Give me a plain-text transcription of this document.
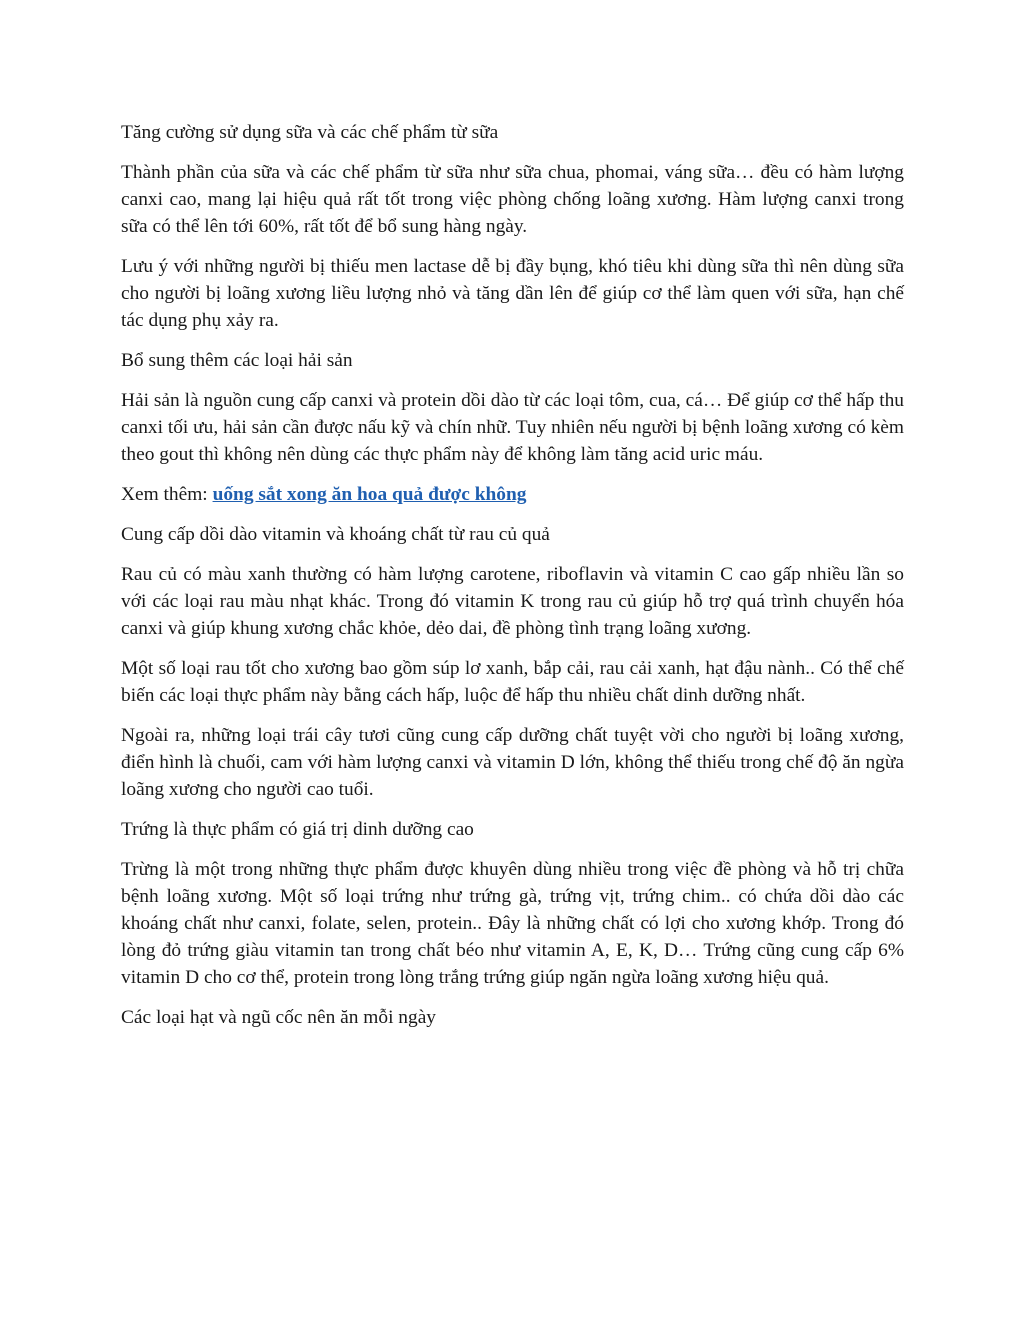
Tăng cường sử dụng sữa và các chế phẩm từ sữa

Thành phần của sữa và các chế phẩm từ sữa như sữa chua, phomai, váng sữa… đều có hàm lượng canxi cao, mang lại hiệu quả rất tốt trong việc phòng chống loãng xương. Hàm lượng canxi trong sữa có thể lên tới 60%, rất tốt để bổ sung hàng ngày.

Lưu ý với những người bị thiếu men lactase dễ bị đầy bụng, khó tiêu khi dùng sữa thì nên dùng sữa cho người bị loãng xương liều lượng nhỏ và tăng dần lên để giúp cơ thể làm quen với sữa, hạn chế tác dụng phụ xảy ra.

Bổ sung thêm các loại hải sản

Hải sản là nguồn cung cấp canxi và protein dồi dào từ các loại tôm, cua, cá… Để giúp cơ thể hấp thu canxi tối ưu, hải sản cần được nấu kỹ và chín nhữ. Tuy nhiên nếu người bị bệnh loãng xương có kèm theo gout thì không nên dùng các thực phẩm này để không làm tăng acid uric máu.

Xem thêm: uống sắt xong ăn hoa quả được không

Cung cấp dồi dào vitamin và khoáng chất từ rau củ quả

Rau củ có màu xanh thường có hàm lượng carotene, riboflavin và vitamin C cao gấp nhiều lần so với các loại rau màu nhạt khác. Trong đó vitamin K trong rau củ giúp hỗ trợ quá trình chuyển hóa canxi và giúp khung xương chắc khỏe, dẻo dai, đề phòng tình trạng loãng xương.

Một số loại rau tốt cho xương bao gồm súp lơ xanh, bắp cải, rau cải xanh, hạt đậu nành.. Có thể chế biến các loại thực phẩm này bằng cách hấp, luộc để hấp thu nhiều chất dinh dưỡng nhất.

Ngoài ra, những loại trái cây tươi cũng cung cấp dưỡng chất tuyệt vời cho người bị loãng xương, điển hình là chuối, cam với hàm lượng canxi và vitamin D lớn, không thể thiếu trong chế độ ăn ngừa loãng xương cho người cao tuổi.

Trứng là thực phẩm có giá trị dinh dưỡng cao

Trừng là một trong những thực phẩm được khuyên dùng nhiều trong việc đề phòng và hỗ trị chữa bệnh loãng xương. Một số loại trứng như trứng gà, trứng vịt, trứng chim.. có chứa dồi dào các khoáng chất như canxi, folate, selen, protein.. Đây là những chất có lợi cho xương khớp. Trong đó lòng đỏ trứng giàu vitamin tan trong chất béo như vitamin A, E, K, D… Trứng cũng cung cấp 6% vitamin D cho cơ thể, protein trong lòng trắng trứng giúp ngăn ngừa loãng xương hiệu quả.

Các loại hạt và ngũ cốc nên ăn mỗi ngày
